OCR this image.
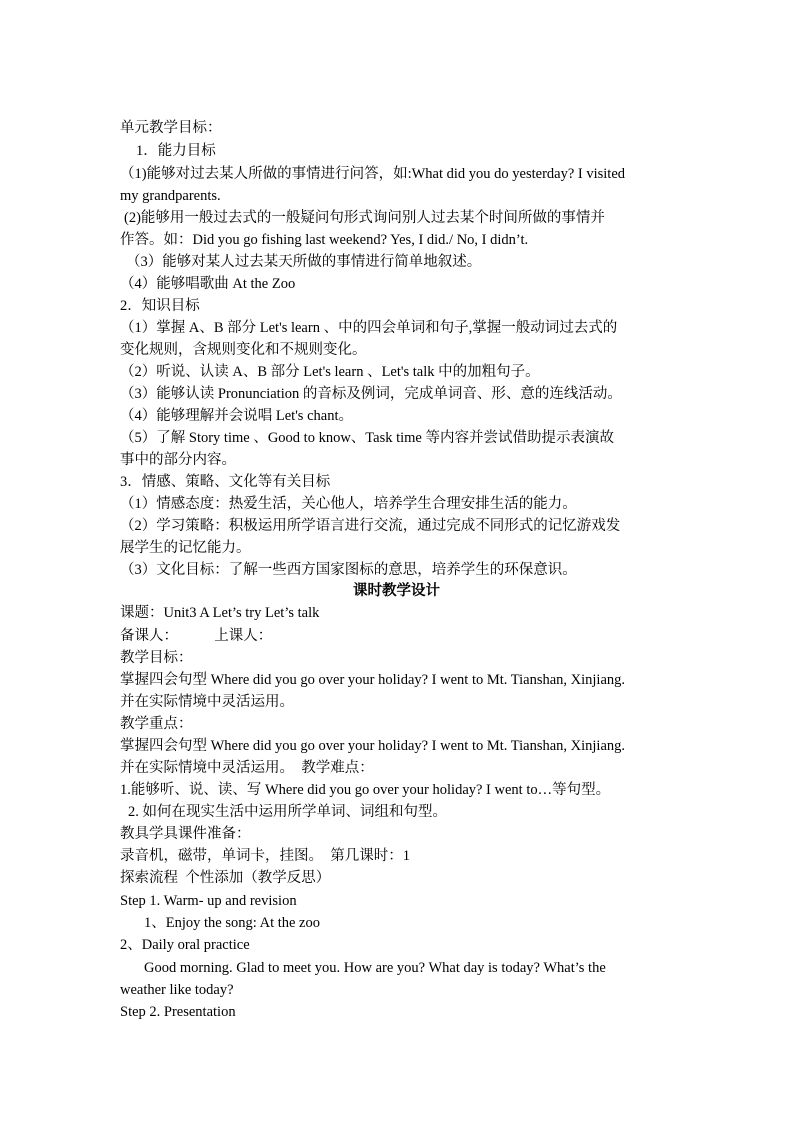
单元教学目标：
1．能力目标
（1)能够对过去某人所做的事情进行问答，如:What did you do yesterday? I visited
my grandparents.
(2)能够用一般过去式的一般疑问句形式询问别人过去某个时间所做的事情并
作答。如：Did you go fishing last weekend? Yes, I did./ No, I didn’t.
（3）能够对某人过去某天所做的事情进行简单地叙述。
（4）能够唱歌曲 At the Zoo
2．知识目标
（1）掌握 A、B 部分 Let's learn 、中的四会单词和句子,掌握一般动词过去式的
变化规则，含规则变化和不规则变化。
（2）听说、认读 A、B 部分 Let's learn 、Let's talk 中的加粗句子。
（3）能够认读 Pronunciation 的音标及例词，完成单词音、形、意的连线活动。
（4）能够理解并会说唱 Let's chant。
（5）了解 Story time 、Good to know、Task time 等内容并尝试借助提示表演故
事中的部分内容。
3．情感、策略、文化等有关目标
（1）情感态度：热爱生活，关心他人，培养学生合理安排生活的能力。
（2）学习策略：积极运用所学语言进行交流，通过完成不同形式的记忆游戏发
展学生的记忆能力。
（3）文化目标：了解一些西方国家图标的意思，培养学生的环保意识。
课时教学设计
课题：Unit3 A Let’s try Let’s talk
备课人：          上课人：
教学目标：
掌握四会句型 Where did you go over your holiday? I went to Mt. Tianshan, Xinjiang.
并在实际情境中灵活运用。
教学重点：
掌握四会句型 Where did you go over your holiday? I went to Mt. Tianshan, Xinjiang.
并在实际情境中灵活运用。  教学难点：
1.能够听、说、读、写 Where did you go over your holiday? I went to…等句型。
2. 如何在现实生活中运用所学单词、词组和句型。
教具学具课件准备：
录音机，磁带，单词卡，挂图。  第几课时：1
探索流程  个性添加（教学反思）
Step 1. Warm- up and revision
1、Enjoy the song: At the zoo
2、Daily oral practice
Good morning. Glad to meet you. How are you? What day is today? What’s the
weather like today?
Step 2. Presentation
